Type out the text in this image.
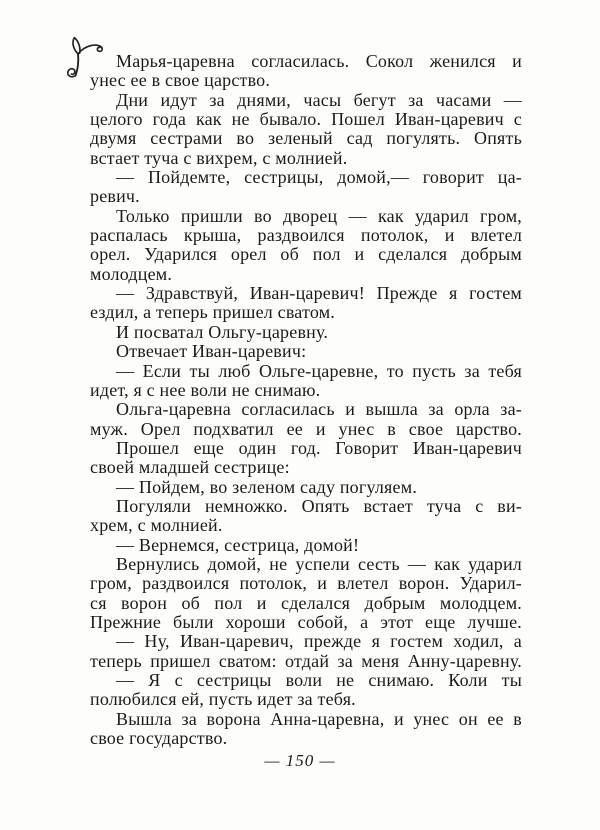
Марья-царевна согласилась. Сокол женился и
унес ее в свое царство.
Дни идут за днями, часы бегут за часами —
целого года как не бывало. Пошел Иван-царевич с
двумя сестрами во зеленый сад погулять. Опять
встает туча с вихрем, с молнией.
— Пойдемте, сестрицы, домой,— говорит ца-
ревич.
Только пришли во дворец — как ударил гром,
распалась крыша, раздвоился потолок, и влетел
орел. Ударился орел об пол и сделался добрым
молодцем.
— Здравствуй, Иван-царевич! Прежде я гостем
ездил, а теперь пришел сватом.
И посватал Ольгу-царевну.
Отвечает Иван-царевич:
— Если ты люб Ольге-царевне, то пусть за тебя
идет, я с нее воли не снимаю.
Ольга-царевна согласилась и вышла за орла за-
муж. Орел подхватил ее и унес в свое царство.
Прошел еще один год. Говорит Иван-царевич
своей младшей сестрице:
— Пойдем, во зеленом саду погуляем.
Погуляли немножко. Опять встает туча с ви-
хрем, с молнией.
— Вернемся, сестрица, домой!
Вернулись домой, не успели сесть — как ударил
гром, раздвоился потолок, и влетел ворон. Ударил-
ся ворон об пол и сделался добрым молодцем.
Прежние были хороши собой, а этот еще лучше.
— Ну, Иван-царевич, прежде я гостем ходил, а
теперь пришел сватом: отдай за меня Анну-царевну.
— Я с сестрицы воли не снимаю. Коли ты
полюбился ей, пусть идет за тебя.
Вышла за ворона Анна-царевна, и унес он ее в
свое государство.
— 150 —
